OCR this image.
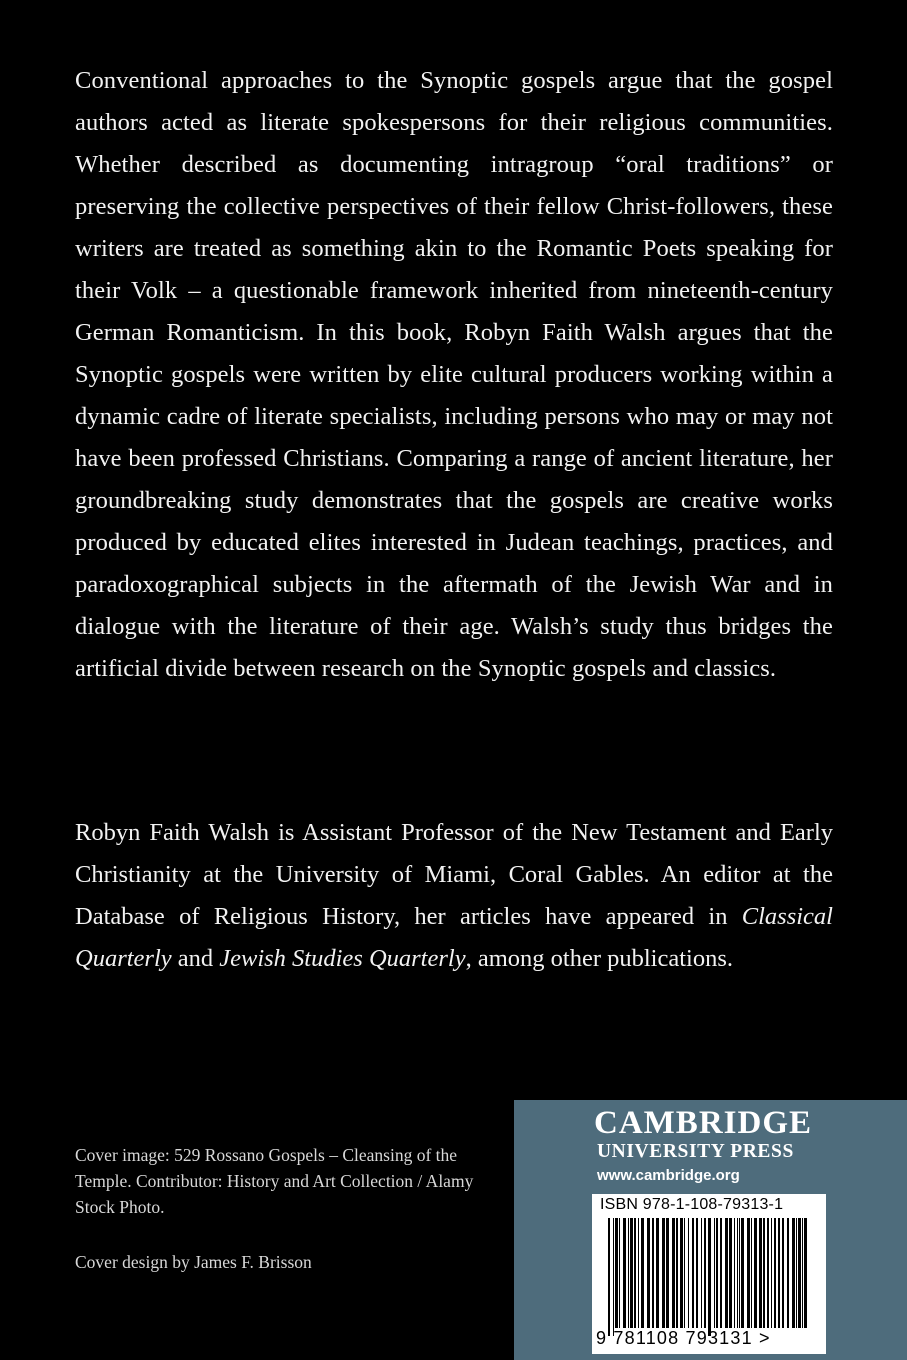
Conventional approaches to the Synoptic gospels argue that the gospel authors acted as literate spokespersons for their religious communities. Whether described as documenting intragroup “oral traditions” or preserving the collective perspectives of their fellow Christ-followers, these writers are treated as something akin to the Romantic Poets speaking for their Volk – a questionable framework inherited from nineteenth-century German Romanticism. In this book, Robyn Faith Walsh argues that the Synoptic gospels were written by elite cultural producers working within a dynamic cadre of literate specialists, including persons who may or may not have been professed Christians. Comparing a range of ancient literature, her groundbreaking study demonstrates that the gospels are creative works produced by educated elites interested in Judean teachings, practices, and paradoxographical subjects in the aftermath of the Jewish War and in dialogue with the literature of their age. Walsh’s study thus bridges the artificial divide between research on the Synoptic gospels and classics.
Robyn Faith Walsh is Assistant Professor of the New Testament and Early Christianity at the University of Miami, Coral Gables. An editor at the Database of Religious History, her articles have appeared in Classical Quarterly and Jewish Studies Quarterly, among other publications.
Cover image: 529 Rossano Gospels – Cleansing of the Temple. Contributor: History and Art Collection / Alamy Stock Photo.
Cover design by James F. Brisson
CAMBRIDGE
UNIVERSITY PRESS
www.cambridge.org
ISBN 978-1-108-79313-1
9 781108 793131 >
